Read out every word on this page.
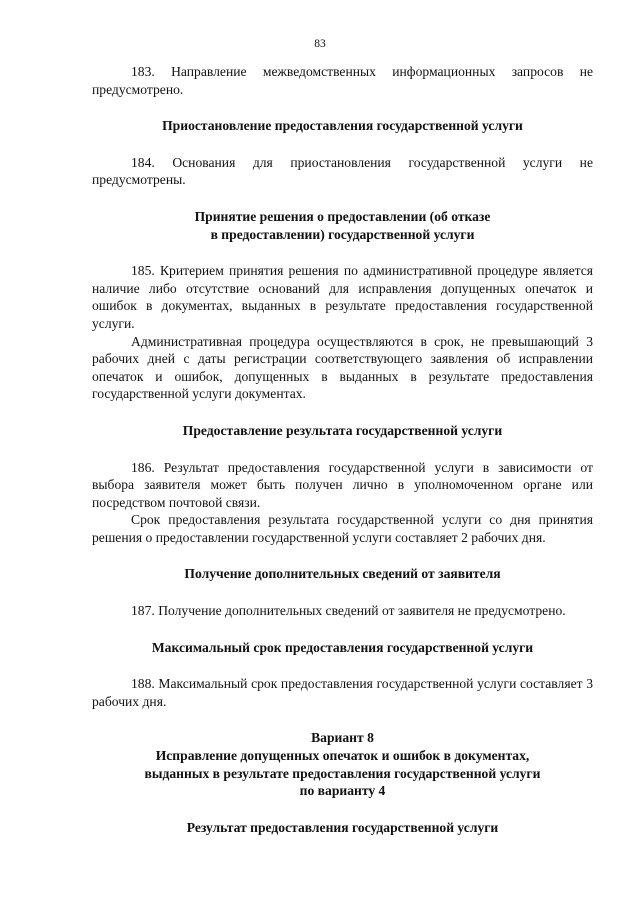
83

183. Направление межведомственных информационных запросов не предусмотрено.

Приостановление предоставления государственной услуги

184. Основания для приостановления государственной услуги не предусмотрены.

Принятие решения о предоставлении (об отказе
в предоставлении) государственной услуги

185. Критерием принятия решения по административной процедуре является наличие либо отсутствие оснований для исправления допущенных опечаток и ошибок в документах, выданных в результате предоставления государственной услуги.

Административная процедура осуществляются в срок, не превышающий 3 рабочих дней с даты регистрации соответствующего заявления об исправлении опечаток и ошибок, допущенных в выданных в результате предоставления государственной услуги документах.

Предоставление результата государственной услуги

186. Результат предоставления государственной услуги в зависимости от выбора заявителя может быть получен лично в уполномоченном органе или посредством почтовой связи.

Срок предоставления результата государственной услуги со дня принятия решения о предоставлении государственной услуги составляет 2 рабочих дня.

Получение дополнительных сведений от заявителя

187. Получение дополнительных сведений от заявителя не предусмотрено.

Максимальный срок предоставления государственной услуги

188. Максимальный срок предоставления государственной услуги составляет 3 рабочих дня.

Вариант 8
Исправление допущенных опечаток и ошибок в документах,
выданных в результате предоставления государственной услуги
по варианту 4
Результат предоставления государственной услуги
